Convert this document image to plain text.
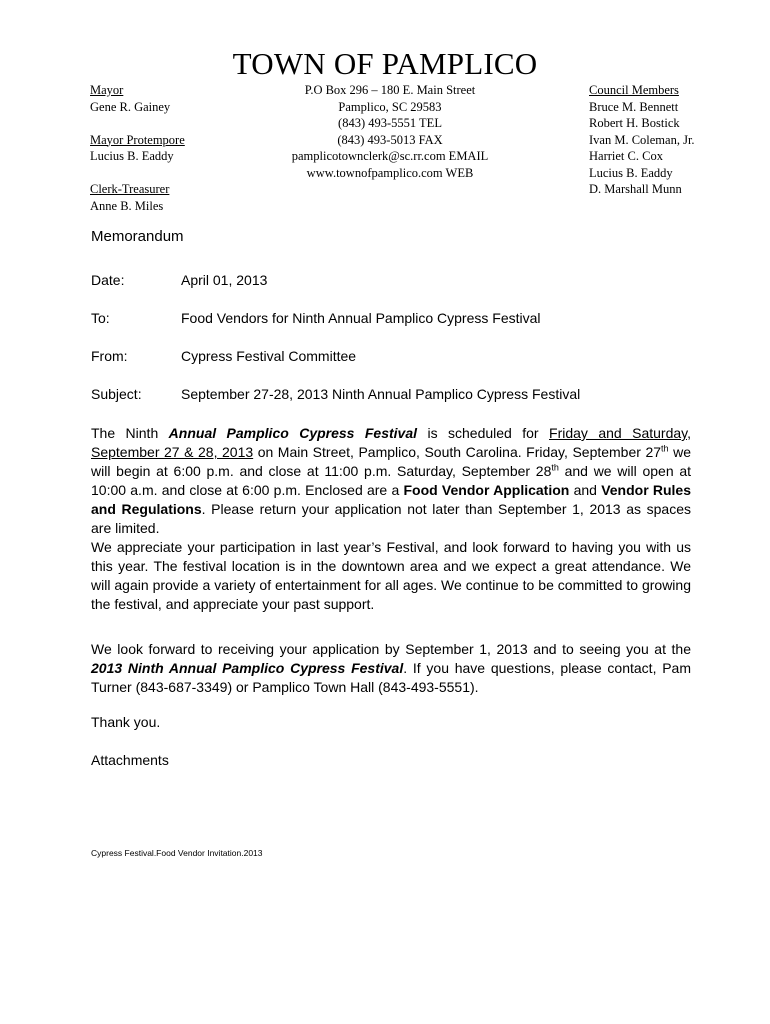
TOWN OF PAMPLICO
Mayor
Gene R. Gainey
Mayor Protempore
Lucius B. Eaddy
Clerk-Treasurer
Anne B. Miles
P.O Box 296 – 180 E. Main Street
Pamplico, SC 29583
(843) 493-5551 TEL
(843) 493-5013 FAX
pamplicotownclerk@sc.rr.com EMAIL
www.townofpamplico.com WEB
Council Members
Bruce M. Bennett
Robert H. Bostick
Ivan M. Coleman, Jr.
Harriet C. Cox
Lucius B. Eaddy
D. Marshall Munn
Memorandum
Date:	April 01, 2013
To:	Food Vendors for Ninth Annual Pamplico Cypress Festival
From:	Cypress Festival Committee
Subject:	September 27-28, 2013 Ninth Annual Pamplico Cypress Festival
The Ninth Annual Pamplico Cypress Festival is scheduled for Friday and Saturday, September 27 & 28, 2013 on Main Street, Pamplico, South Carolina. Friday, September 27th we will begin at 6:00 p.m. and close at 11:00 p.m. Saturday, September 28th and we will open at 10:00 a.m. and close at 6:00 p.m. Enclosed are a Food Vendor Application and Vendor Rules and Regulations. Please return your application not later than September 1, 2013 as spaces are limited.
We appreciate your participation in last year’s Festival, and look forward to having you with us this year. The festival location is in the downtown area and we expect a great attendance. We will again provide a variety of entertainment for all ages. We continue to be committed to growing the festival, and appreciate your past support.
We look forward to receiving your application by September 1, 2013 and to seeing you at the 2013 Ninth Annual Pamplico Cypress Festival. If you have questions, please contact, Pam Turner (843-687-3349) or Pamplico Town Hall (843-493-5551).
Thank you.
Attachments
Cypress Festival.Food Vendor Invitation.2013
